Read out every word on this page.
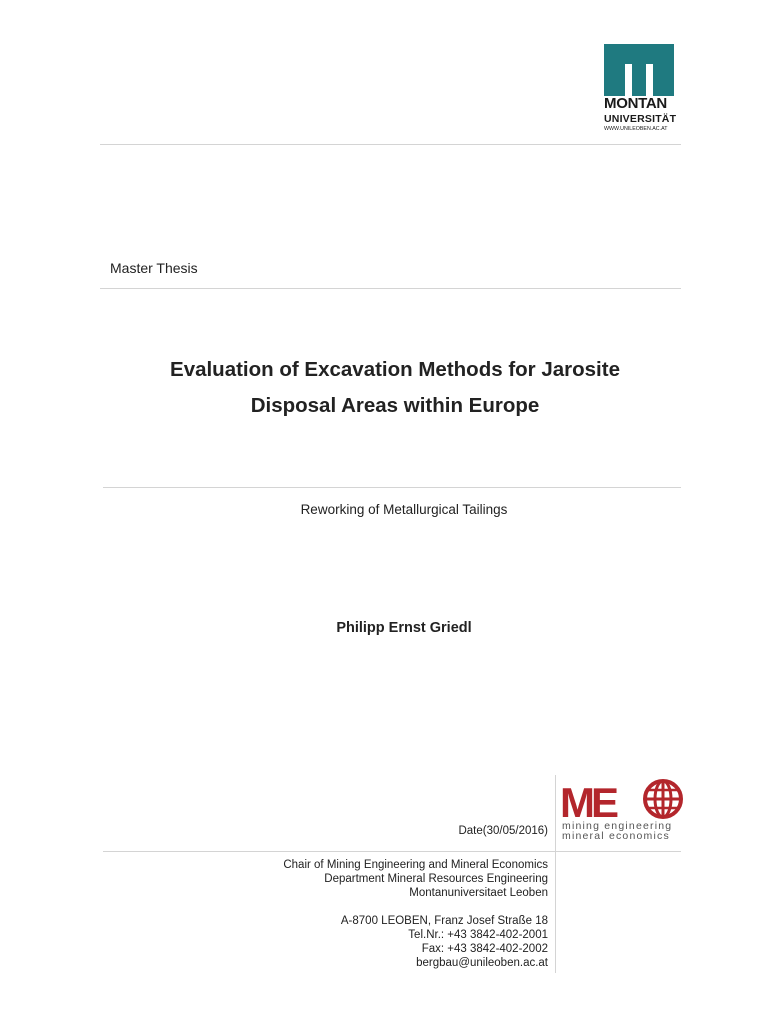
MONTAN
UNIVERSITÄT
WWW.UNILEOBEN.AC.AT
Master Thesis
Evaluation of Excavation Methods for Jarosite
Disposal Areas within Europe
Reworking of Metallurgical Tailings
Philipp Ernst Griedl
ME
mining engineering
mineral economics
Date(30/05/2016)
Chair of Mining Engineering and Mineral Economics
Department Mineral Resources Engineering
Montanuniversitaet Leoben
A-8700 LEOBEN, Franz Josef Straße 18
Tel.Nr.: +43 3842-402-2001
Fax: +43 3842-402-2002
bergbau@unileoben.ac.at
